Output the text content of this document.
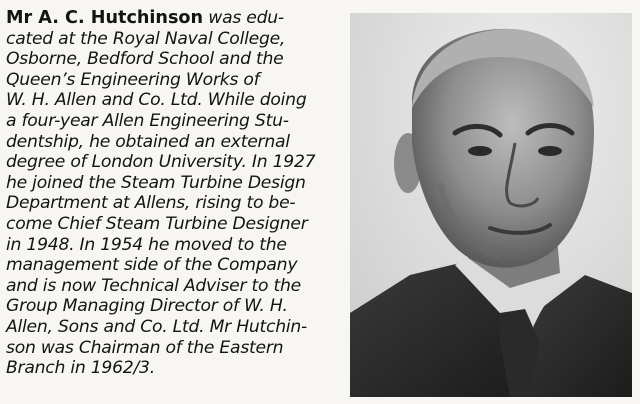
Mr A. C. Hutchinson was edu-
cated at the Royal Naval College,
Osborne, Bedford School and the
Queen’s Engineering Works of
W. H. Allen and Co. Ltd. While doing
a four-year Allen Engineering Stu-
dentship, he obtained an external
degree of London University. In 1927
he joined the Steam Turbine Design
Department at Allens, rising to be-
come Chief Steam Turbine Designer
in 1948. In 1954 he moved to the
management side of the Company
and is now Technical Adviser to the
Group Managing Director of W. H.
Allen, Sons and Co. Ltd. Mr Hutchin-
son was Chairman of the Eastern
Branch in 1962/3.
